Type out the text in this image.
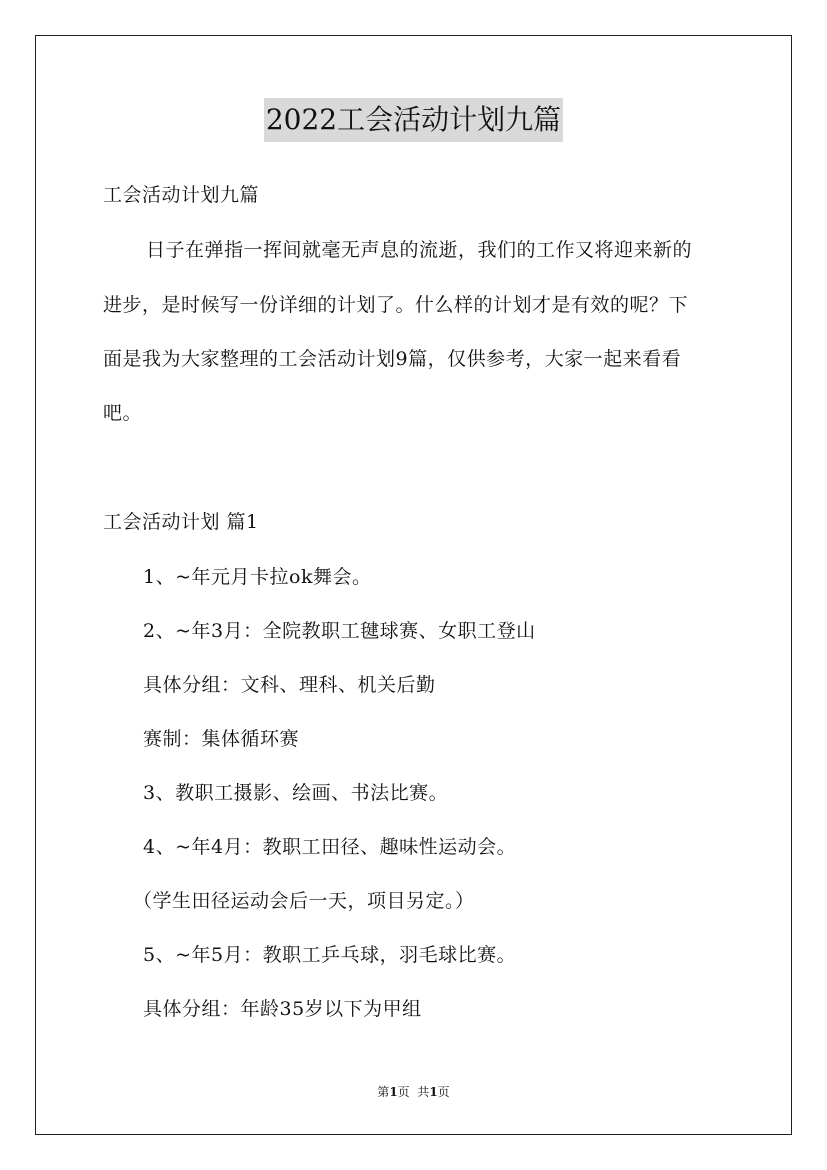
2022工会活动计划九篇
工会活动计划九篇
日子在弹指一挥间就毫无声息的流逝，我们的工作又将迎来新的
进步，是时候写一份详细的计划了。什么样的计划才是有效的呢？下
面是我为大家整理的工会活动计划9篇，仅供参考，大家一起来看看
吧。
工会活动计划 篇1
1、~年元月卡拉ok舞会。
2、~年3月：全院教职工毽球赛、女职工登山
具体分组：文科、理科、机关后勤
赛制：集体循环赛
3、教职工摄影、绘画、书法比赛。
4、~年4月：教职工田径、趣味性运动会。
（学生田径运动会后一天，项目另定。）
5、~年5月：教职工乒乓球，羽毛球比赛。
具体分组：年龄35岁以下为甲组
第1页  共1页
